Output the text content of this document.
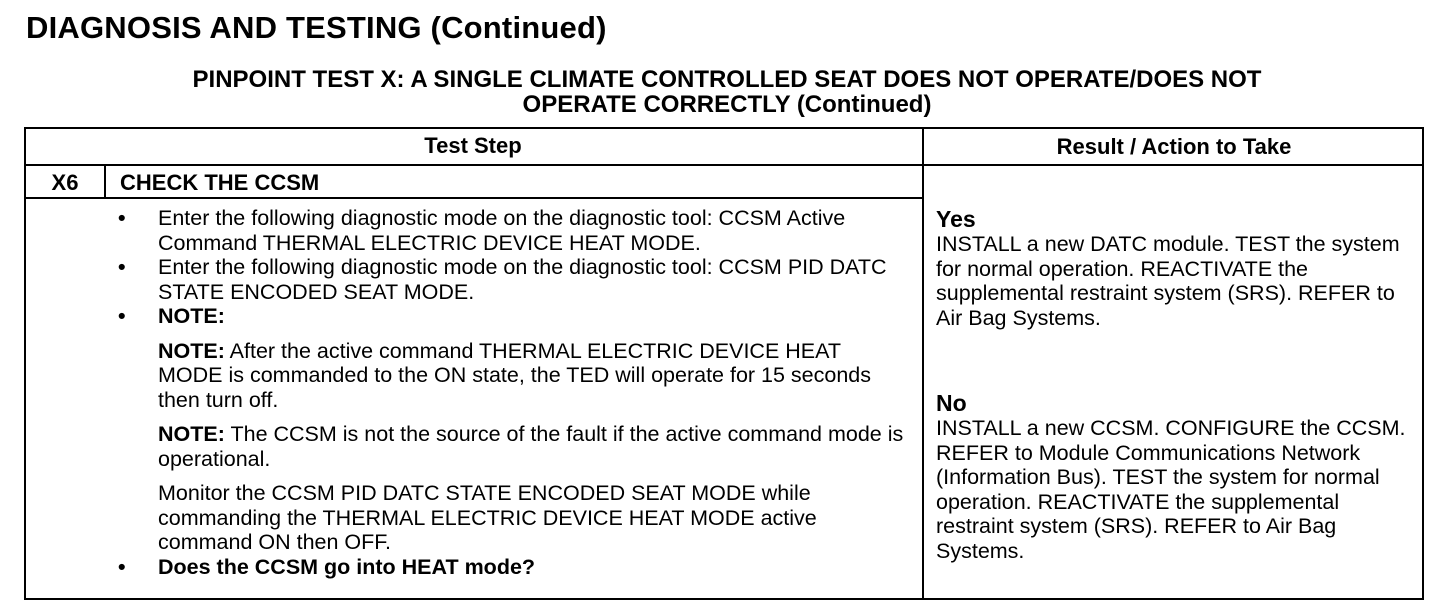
DIAGNOSIS AND TESTING (Continued)
PINPOINT TEST X: A SINGLE CLIMATE CONTROLLED SEAT DOES NOT OPERATE/DOES NOT
OPERATE CORRECTLY (Continued)
Test Step	Result / Action to Take
X6	CHECK THE CCSM
• Enter the following diagnostic mode on the diagnostic tool: CCSM Active Command THERMAL ELECTRIC DEVICE HEAT MODE.
• Enter the following diagnostic mode on the diagnostic tool: CCSM PID DATC STATE ENCODED SEAT MODE.
• NOTE:
NOTE: After the active command THERMAL ELECTRIC DEVICE HEAT MODE is commanded to the ON state, the TED will operate for 15 seconds then turn off.
NOTE: The CCSM is not the source of the fault if the active command mode is operational.
Monitor the CCSM PID DATC STATE ENCODED SEAT MODE while commanding the THERMAL ELECTRIC DEVICE HEAT MODE active command ON then OFF.
• Does the CCSM go into HEAT mode?
Yes
INSTALL a new DATC module. TEST the system for normal operation. REACTIVATE the supplemental restraint system (SRS). REFER to Air Bag Systems.
No
INSTALL a new CCSM. CONFIGURE the CCSM. REFER to Module Communications Network (Information Bus). TEST the system for normal operation. REACTIVATE the supplemental restraint system (SRS). REFER to Air Bag Systems.
